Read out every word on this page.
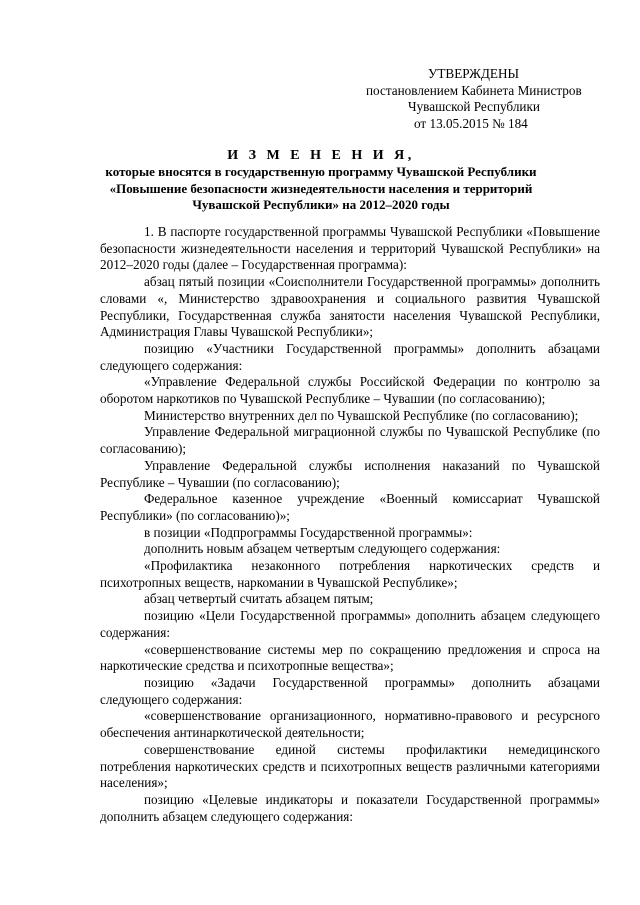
УТВЕРЖДЕНЫ
постановлением Кабинета Министров
Чувашской Республики
от 13.05.2015 № 184
И З М Е Н Е Н И Я,
которые вносятся в государственную программу Чувашской Республики
«Повышение безопасности жизнедеятельности населения и территорий
Чувашской Республики» на 2012–2020 годы

1. В паспорте государственной программы Чувашской Республики «Повышение безопасности жизнедеятельности населения и территорий Чувашской Республики» на 2012–2020 годы (далее – Государственная программа):

абзац пятый позиции «Соисполнители Государственной программы» дополнить словами «, Министерство здравоохранения и социального развития Чувашской Республики, Государственная служба занятости населения Чувашской Республики, Администрация Главы Чувашской Республики»;

позицию «Участники Государственной программы» дополнить абзацами следующего содержания:

«Управление Федеральной службы Российской Федерации по контролю за оборотом наркотиков по Чувашской Республике – Чувашии (по согласованию);

Министерство внутренних дел по Чувашской Республике (по согласованию);

Управление Федеральной миграционной службы по Чувашской Республике (по согласованию);

Управление Федеральной службы исполнения наказаний по Чувашской Республике – Чувашии (по согласованию);

Федеральное казенное учреждение «Военный комиссариат Чувашской Республики» (по согласованию)»;

в позиции «Подпрограммы Государственной программы»:

дополнить новым абзацем четвертым следующего содержания:

«Профилактика незаконного потребления наркотических средств и психотропных веществ, наркомании в Чувашской Республике»;

абзац четвертый считать абзацем пятым;

позицию «Цели Государственной программы» дополнить абзацем следующего содержания:

«совершенствование системы мер по сокращению предложения и спроса на наркотические средства и психотропные вещества»;

позицию «Задачи Государственной программы» дополнить абзацами следующего содержания:

«совершенствование организационного, нормативно-правового и ресурсного обеспечения антинаркотической деятельности;

совершенствование единой системы профилактики немедицинского потребления наркотических средств и психотропных веществ различными категориями населения»;

позицию «Целевые индикаторы и показатели Государственной программы» дополнить абзацем следующего содержания:
